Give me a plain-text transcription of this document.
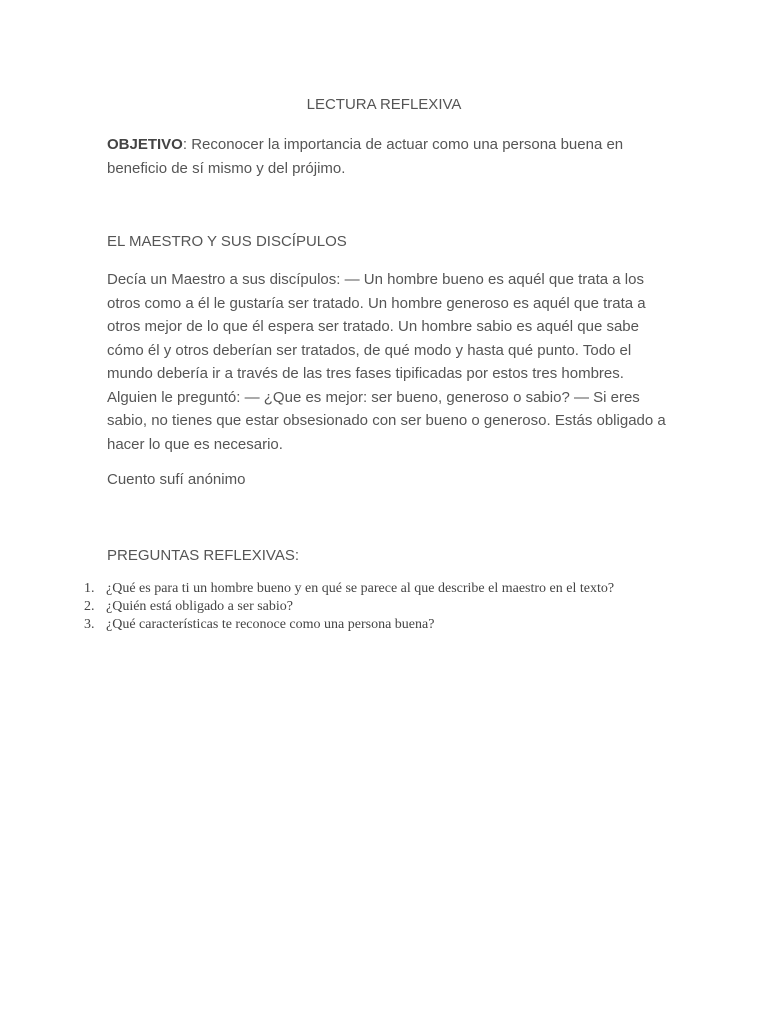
LECTURA REFLEXIVA

OBJETIVO: Reconocer la importancia de actuar como una persona buena en beneficio de sí mismo y del prójimo.

EL MAESTRO Y SUS DISCÍPULOS

Decía un Maestro a sus discípulos: — Un hombre bueno es aquél que trata a los otros como a él le gustaría ser tratado. Un hombre generoso es aquél que trata a otros mejor de lo que él espera ser tratado. Un hombre sabio es aquél que sabe cómo él y otros deberían ser tratados, de qué modo y hasta qué punto. Todo el mundo debería ir a través de las tres fases tipificadas por estos tres hombres. Alguien le preguntó: — ¿Que es mejor: ser bueno, generoso o sabio? — Si eres sabio, no tienes que estar obsesionado con ser bueno o generoso. Estás obligado a hacer lo que es necesario.

Cuento sufí anónimo
PREGUNTAS REFLEXIVAS:
1. ¿Qué es para ti un hombre bueno y en qué se parece al que describe el maestro en el texto?
2. ¿Quién está obligado a ser sabio?
3. ¿Qué características te reconoce como una persona buena?
